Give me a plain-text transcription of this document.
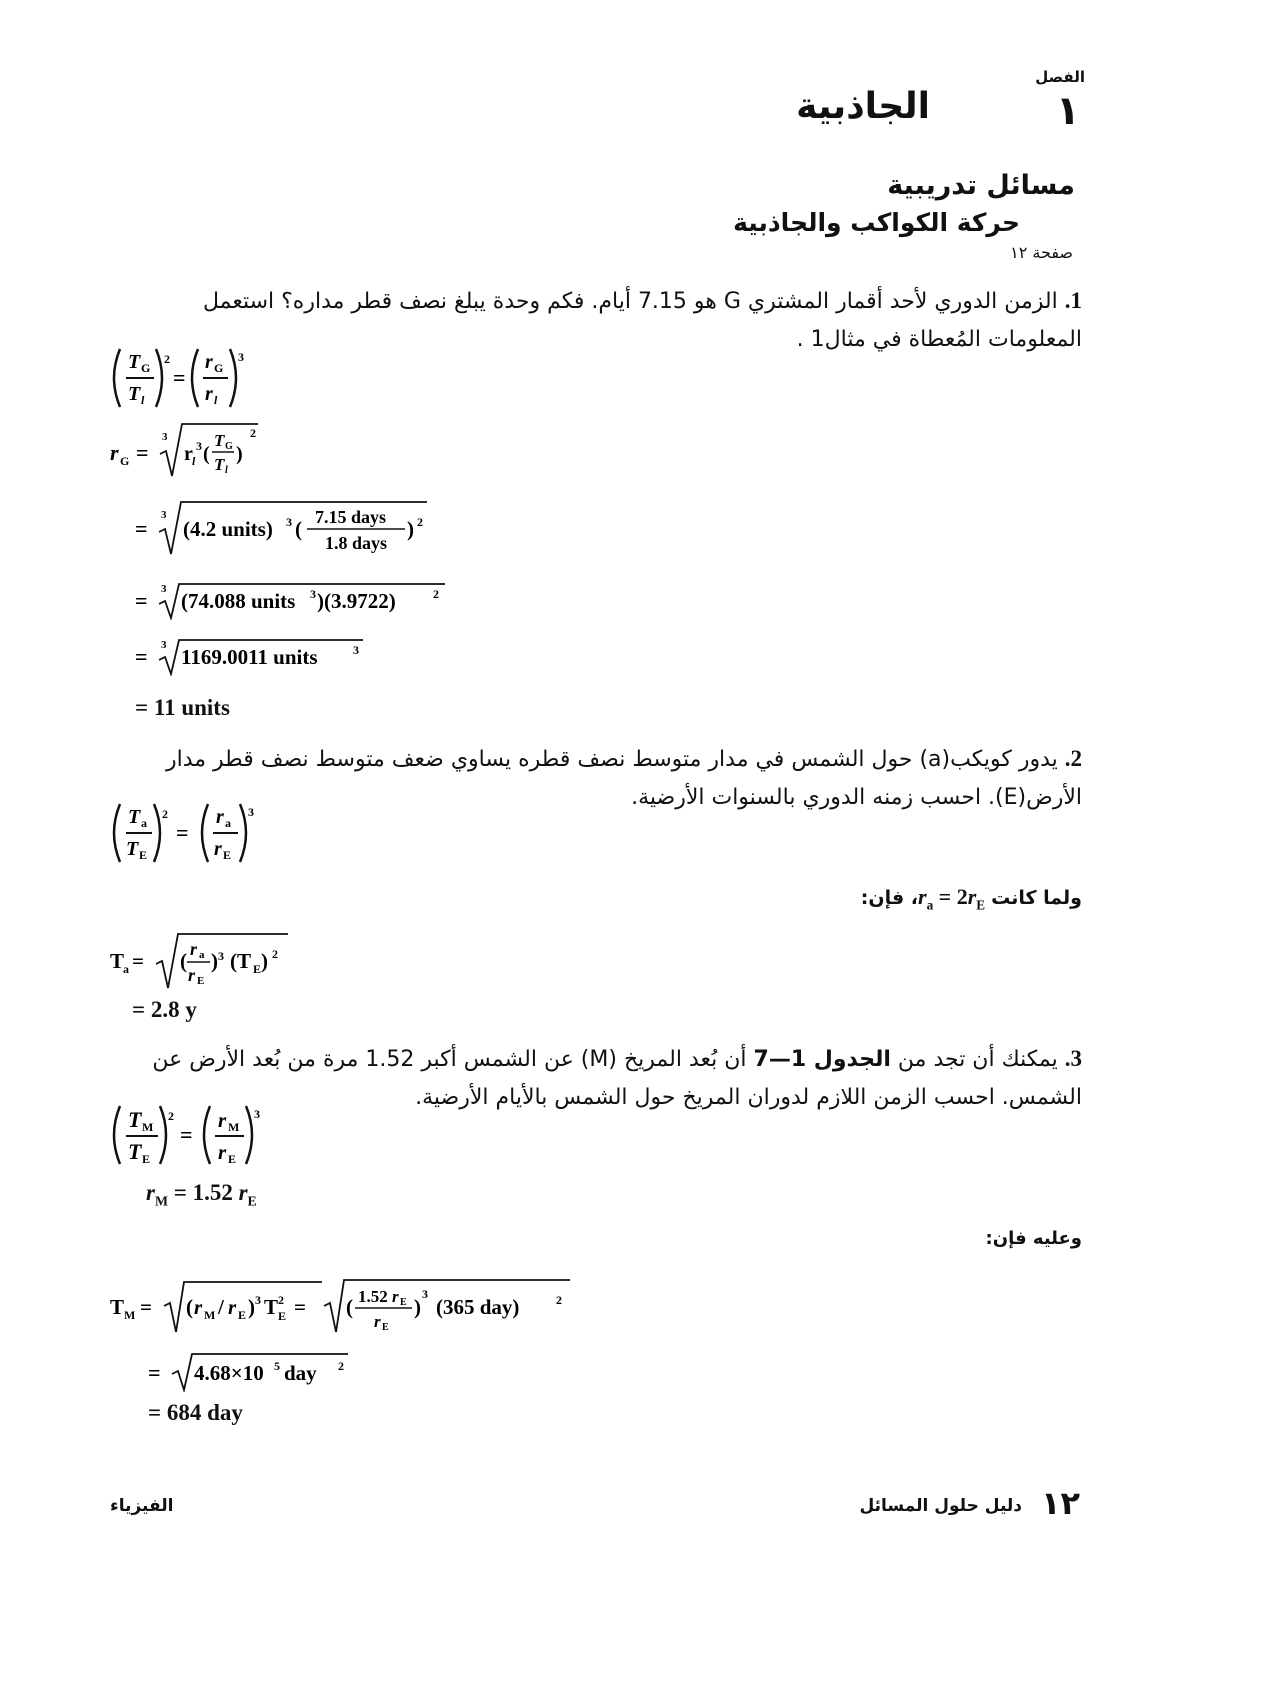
الفصل
١
الجاذبية
مسائل تدريبية
حركة الكواكب والجاذبية
صفحة ١٢
1. الزمن الدوري لأحد أقمار المشتري G هو 7.15 أيام. فكم وحدة يبلغ نصف قطر مداره؟ استعمل المعلومات المُعطاة في مثال1 .
T G
T l
2
=
r G
r l
3
r G =
3
r l
3 (
T G
T l
)
2
=
3
(4.2 units) 3 ( 7.15 days
1.8 days
) 2
= 3 (74.088 units 3 )(3.9722)	2
= 3 1169.0011 units	3
= 11 units
2. يدور كويكب(a) حول الشمس في مدار متوسط نصف قطره يساوي ضعف متوسط نصف قطر مدار الأرض(E). احسب زمنه الدوري بالسنوات الأرضية.
T a
T E
2
=
r a
r E
3
ولما كانت $r_a$ = $2r_E،$ فإن:
T
a = ( r a
r E
) 3 (T E ) 2
= 2.8 y
3. يمكنك أن تجد من الجدول 1—7 أن بُعد المريخ (M) عن الشمس أكبر 1.52 مرة من بُعد الأرض عن الشمس. احسب الزمن اللازم لدوران المريخ حول الشمس بالأيام الأرضية.
T M
T E
2
=
r M
r E
3
$r_M = 1.52$ $r_E$
وعليه فإن:
T M = ( r M / r E ) 3 T 2
E = ( 1.52 r E
r E
)
3
(365 day)	2
= 4.68×10 5 day 2
= 684 day
١٢
دليل حلول المسائل
الفيزياء
